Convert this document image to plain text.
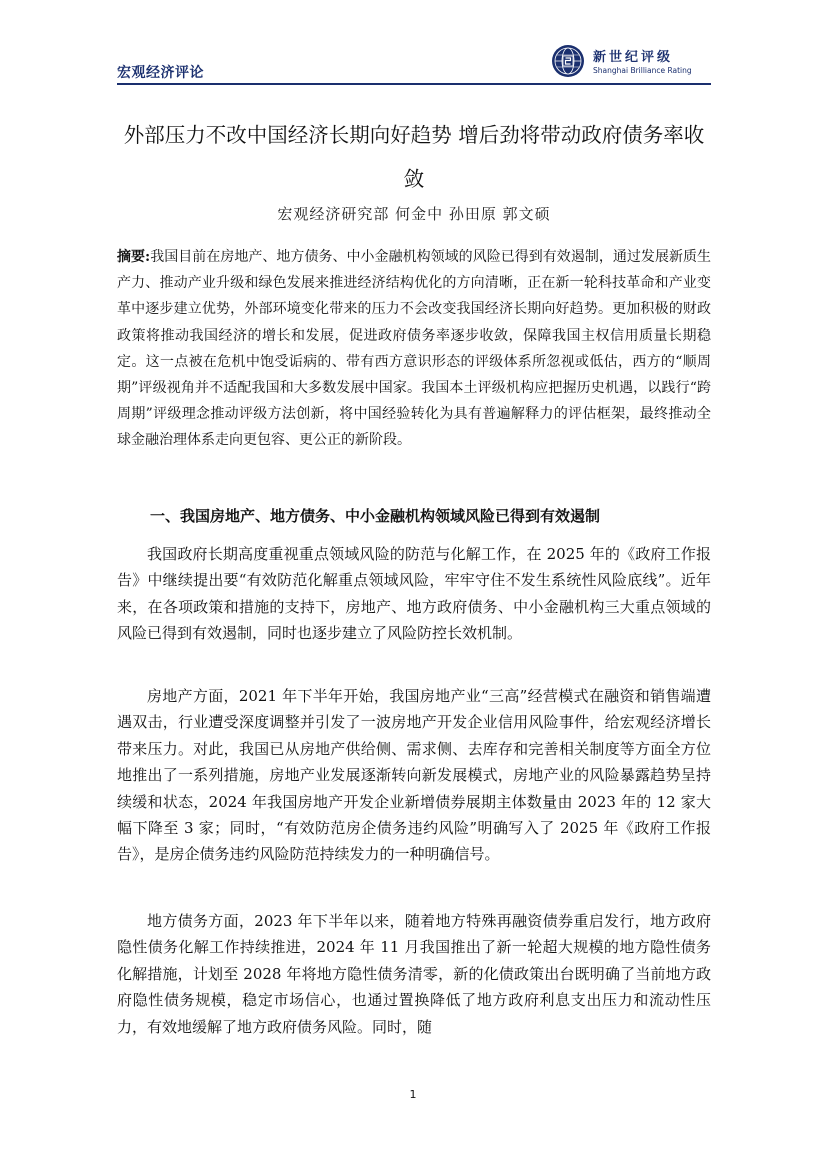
宏观经济评论
新世纪评级
Shanghai Brilliance Rating
外部压力不改中国经济长期向好趋势 增后劲将带动政府债务率收敛
宏观经济研究部 何金中 孙田原 郭文硕
摘要:我国目前在房地产、地方债务、中小金融机构领域的风险已得到有效遏制，通过发展新质生产力、推动产业升级和绿色发展来推进经济结构优化的方向清晰，正在新一轮科技革命和产业变革中逐步建立优势，外部环境变化带来的压力不会改变我国经济长期向好趋势。更加积极的财政政策将推动我国经济的增长和发展，促进政府债务率逐步收敛，保障我国主权信用质量长期稳定。这一点被在危机中饱受诟病的、带有西方意识形态的评级体系所忽视或低估，西方的“顺周期”评级视角并不适配我国和大多数发展中国家。我国本土评级机构应把握历史机遇，以践行“跨周期”评级理念推动评级方法创新，将中国经验转化为具有普遍解释力的评估框架，最终推动全球金融治理体系走向更包容、更公正的新阶段。
一、我国房地产、地方债务、中小金融机构领域风险已得到有效遏制

我国政府长期高度重视重点领域风险的防范与化解工作，在 2025 年的《政府工作报告》中继续提出要“有效防范化解重点领域风险，牢牢守住不发生系统性风险底线”。近年来，在各项政策和措施的支持下，房地产、地方政府债务、中小金融机构三大重点领域的风险已得到有效遏制，同时也逐步建立了风险防控长效机制。

房地产方面，2021 年下半年开始，我国房地产业“三高”经营模式在融资和销售端遭遇双击，行业遭受深度调整并引发了一波房地产开发企业信用风险事件，给宏观经济增长带来压力。对此，我国已从房地产供给侧、需求侧、去库存和完善相关制度等方面全方位地推出了一系列措施，房地产业发展逐渐转向新发展模式，房地产业的风险暴露趋势呈持续缓和状态，2024 年我国房地产开发企业新增债券展期主体数量由 2023 年的 12 家大幅下降至 3 家；同时，“有效防范房企债务违约风险”明确写入了 2025 年《政府工作报告》，是房企债务违约风险防范持续发力的一种明确信号。

地方债务方面，2023 年下半年以来，随着地方特殊再融资债券重启发行，地方政府隐性债务化解工作持续推进，2024 年 11 月我国推出了新一轮超大规模的地方隐性债务化解措施，计划至 2028 年将地方隐性债务清零，新的化债政策出台既明确了当前地方政府隐性债务规模，稳定市场信心，也通过置换降低了地方政府利息支出压力和流动性压力，有效地缓解了地方政府债务风险。同时，随

1
